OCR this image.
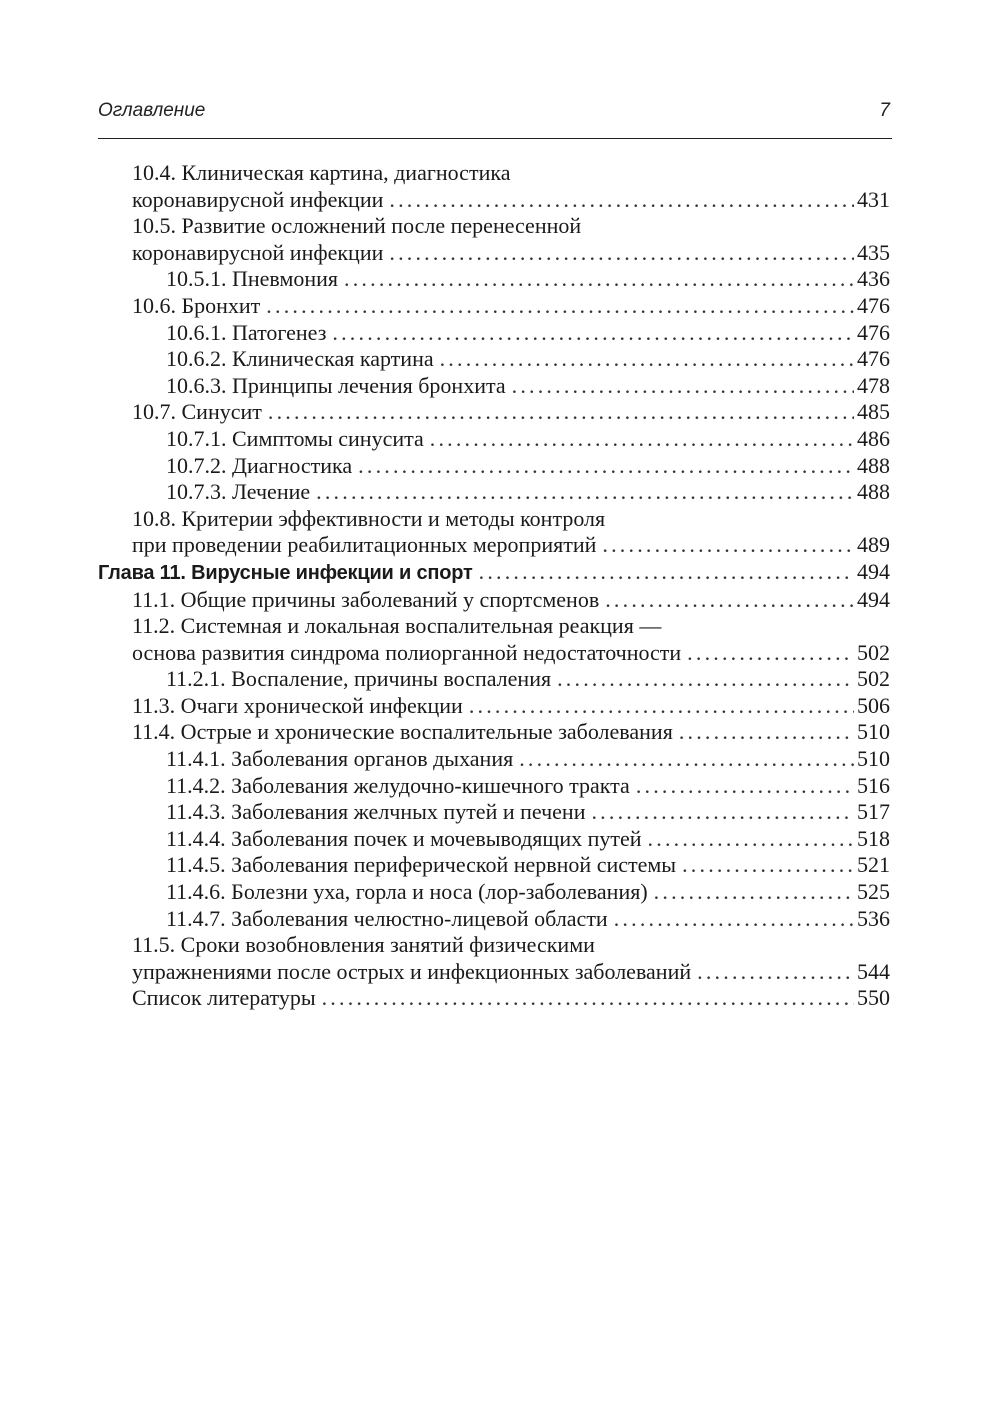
Оглавление	7
10.4. Клиническая картина, диагностика
коронавирусной инфекции .....	431
10.5. Развитие осложнений после перенесенной
коронавирусной инфекции .....	435
10.5.1. Пневмония .....	436
10.6. Бронхит .....	476
10.6.1. Патогенез .....	476
10.6.2. Клиническая картина .....	476
10.6.3. Принципы лечения бронхита .....	478
10.7. Синусит .....	485
10.7.1. Симптомы синусита .....	486
10.7.2. Диагностика .....	488
10.7.3. Лечение .....	488
10.8. Критерии эффективности и методы контроля
при проведении реабилитационных мероприятий .....	489
Глава 11. Вирусные инфекции и спорт .....	494
11.1. Общие причины заболеваний у спортсменов .....	494
11.2. Системная и локальная воспалительная реакция —
основа развития синдрома полиорганной недостаточности .....	502
11.2.1. Воспаление, причины воспаления .....	502
11.3. Очаги хронической инфекции .....	506
11.4. Острые и хронические воспалительные заболевания .....	510
11.4.1. Заболевания органов дыхания .....	510
11.4.2. Заболевания желудочно-кишечного тракта .....	516
11.4.3. Заболевания желчных путей и печени .....	517
11.4.4. Заболевания почек и мочевыводящих путей .....	518
11.4.5. Заболевания периферической нервной системы .....	521
11.4.6. Болезни уха, горла и носа (лор-заболевания) .....	525
11.4.7. Заболевания челюстно-лицевой области .....	536
11.5. Сроки возобновления занятий физическими
упражнениями после острых и инфекционных заболеваний .....	544
Список литературы .....	550
